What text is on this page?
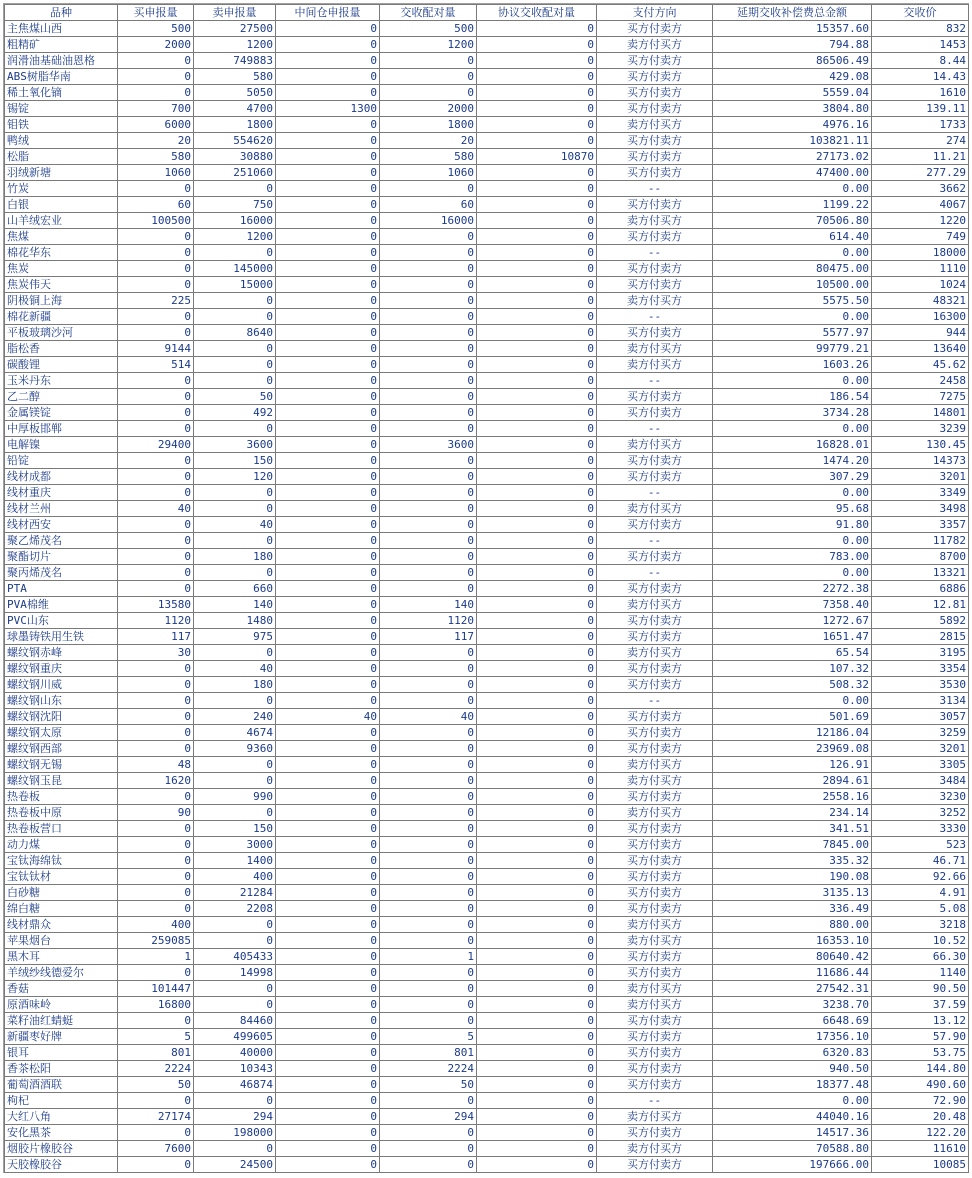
品种	买申报量	卖申报量	中间仓申报量	交收配对量	协议交收配对量	支付方向	延期交收补偿费总金额	交收价
主焦煤山西	500	27500	0	500	0	买方付卖方	15357.60	832
粗精矿	2000	1200	0	1200	0	卖方付买方	794.88	1453
润滑油基础油恩格	0	749883	0	0	0	买方付卖方	86506.49	8.44
ABS树脂华南	0	580	0	0	0	买方付卖方	429.08	14.43
稀土氧化镝	0	5050	0	0	0	买方付卖方	5559.04	1610
锡锭	700	4700	1300	2000	0	买方付卖方	3804.80	139.11
钼铁	6000	1800	0	1800	0	卖方付买方	4976.16	1733
鸭绒	20	554620	0	20	0	买方付卖方	103821.11	274
松脂	580	30880	0	580	10870	买方付卖方	27173.02	11.21
羽绒新塘	1060	251060	0	1060	0	买方付卖方	47400.00	277.29
竹炭	0	0	0	0	0	--	0.00	3662
白银	60	750	0	60	0	买方付卖方	1199.22	4067
山羊绒宏业	100500	16000	0	16000	0	卖方付买方	70506.80	1220
焦煤	0	1200	0	0	0	买方付卖方	614.40	749
棉花华东	0	0	0	0	0	--	0.00	18000
焦炭	0	145000	0	0	0	买方付卖方	80475.00	1110
焦炭伟天	0	15000	0	0	0	买方付卖方	10500.00	1024
阴极铜上海	225	0	0	0	0	卖方付买方	5575.50	48321
棉花新疆	0	0	0	0	0	--	0.00	16300
平板玻璃沙河	0	8640	0	0	0	买方付卖方	5577.97	944
脂松香	9144	0	0	0	0	卖方付买方	99779.21	13640
碳酸锂	514	0	0	0	0	卖方付买方	1603.26	45.62
玉米丹东	0	0	0	0	0	--	0.00	2458
乙二醇	0	50	0	0	0	买方付卖方	186.54	7275
金属镁锭	0	492	0	0	0	买方付卖方	3734.28	14801
中厚板邯郸	0	0	0	0	0	--	0.00	3239
电解镍	29400	3600	0	3600	0	卖方付买方	16828.01	130.45
铅锭	0	150	0	0	0	买方付卖方	1474.20	14373
线材成都	0	120	0	0	0	买方付卖方	307.29	3201
线材重庆	0	0	0	0	0	--	0.00	3349
线材兰州	40	0	0	0	0	卖方付买方	95.68	3498
线材西安	0	40	0	0	0	买方付卖方	91.80	3357
聚乙烯茂名	0	0	0	0	0	--	0.00	11782
聚酯切片	0	180	0	0	0	买方付卖方	783.00	8700
聚丙烯茂名	0	0	0	0	0	--	0.00	13321
PTA	0	660	0	0	0	买方付卖方	2272.38	6886
PVA棉维	13580	140	0	140	0	卖方付买方	7358.40	12.81
PVC山东	1120	1480	0	1120	0	买方付卖方	1272.67	5892
球墨铸铁用生铁	117	975	0	117	0	买方付卖方	1651.47	2815
螺纹钢赤峰	30	0	0	0	0	卖方付买方	65.54	3195
螺纹钢重庆	0	40	0	0	0	买方付卖方	107.32	3354
螺纹钢川威	0	180	0	0	0	买方付卖方	508.32	3530
螺纹钢山东	0	0	0	0	0	--	0.00	3134
螺纹钢沈阳	0	240	40	40	0	买方付卖方	501.69	3057
螺纹钢太原	0	4674	0	0	0	买方付卖方	12186.04	3259
螺纹钢西部	0	9360	0	0	0	买方付卖方	23969.08	3201
螺纹钢无锡	48	0	0	0	0	卖方付买方	126.91	3305
螺纹钢玉昆	1620	0	0	0	0	卖方付买方	2894.61	3484
热卷板	0	990	0	0	0	买方付卖方	2558.16	3230
热卷板中原	90	0	0	0	0	卖方付买方	234.14	3252
热卷板营口	0	150	0	0	0	买方付卖方	341.51	3330
动力煤	0	3000	0	0	0	买方付卖方	7845.00	523
宝钛海绵钛	0	1400	0	0	0	买方付卖方	335.32	46.71
宝钛钛材	0	400	0	0	0	买方付卖方	190.08	92.66
白砂糖	0	21284	0	0	0	买方付卖方	3135.13	4.91
绵白糖	0	2208	0	0	0	买方付卖方	336.49	5.08
线材鼎众	400	0	0	0	0	卖方付买方	880.00	3218
苹果烟台	259085	0	0	0	0	卖方付买方	16353.10	10.52
黑木耳	1	405433	0	1	0	买方付卖方	80640.42	66.30
羊绒纱线德爱尔	0	14998	0	0	0	买方付卖方	11686.44	1140
香菇	101447	0	0	0	0	卖方付买方	27542.31	90.50
原酒味岭	16800	0	0	0	0	卖方付买方	3238.70	37.59
菜籽油红蜻蜓	0	84460	0	0	0	买方付卖方	6648.69	13.12
新疆枣好牌	5	499605	0	5	0	买方付卖方	17356.10	57.90
银耳	801	40000	0	801	0	买方付卖方	6320.83	53.75
香茶松阳	2224	10343	0	2224	0	买方付卖方	940.50	144.80
葡萄酒酒联	50	46874	0	50	0	买方付卖方	18377.48	490.60
枸杞	0	0	0	0	0	--	0.00	72.90
大红八角	27174	294	0	294	0	卖方付买方	44040.16	20.48
安化黑茶	0	198000	0	0	0	买方付卖方	14517.36	122.20
烟胶片橡胶谷	7600	0	0	0	0	卖方付买方	70588.80	11610
天胶橡胶谷	0	24500	0	0	0	买方付卖方	197666.00	10085
